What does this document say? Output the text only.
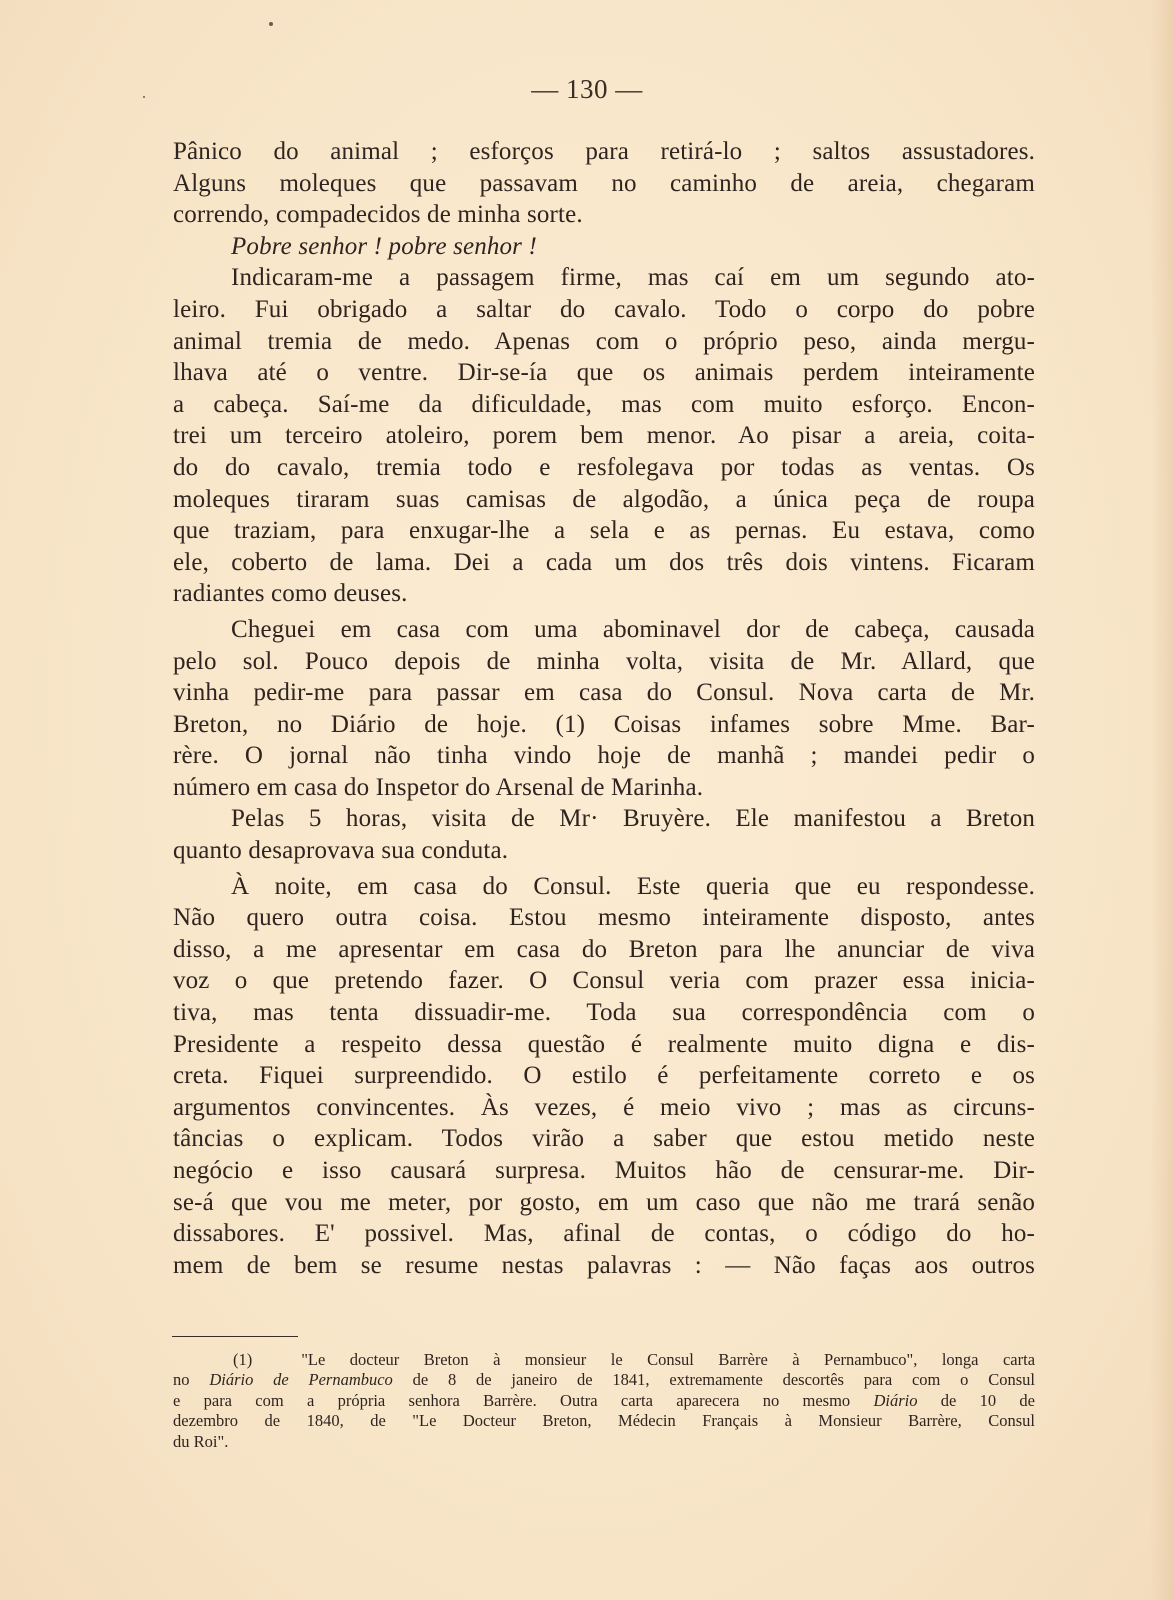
— 130 —
Pânico do animal ; esforços para retirá-lo ; saltos assustadores.
Alguns moleques que passavam no caminho de areia, chegaram
correndo, compadecidos de minha sorte.
Pobre senhor ! pobre senhor !
Indicaram-me a passagem firme, mas caí em um segundo ato-
leiro. Fui obrigado a saltar do cavalo. Todo o corpo do pobre
animal tremia de medo. Apenas com o próprio peso, ainda mergu-
lhava até o ventre. Dir-se-ía que os animais perdem inteiramente
a cabeça. Saí-me da dificuldade, mas com muito esforço. Encon-
trei um terceiro atoleiro, porem bem menor. Ao pisar a areia, coita-
do do cavalo, tremia todo e resfolegava por todas as ventas. Os
moleques tiraram suas camisas de algodão, a única peça de roupa
que traziam, para enxugar-lhe a sela e as pernas. Eu estava, como
ele, coberto de lama. Dei a cada um dos três dois vintens. Ficaram
radiantes como deuses.
Cheguei em casa com uma abominavel dor de cabeça, causada
pelo sol. Pouco depois de minha volta, visita de Mr. Allard, que
vinha pedir-me para passar em casa do Consul. Nova carta de Mr.
Breton, no Diário de hoje. (1) Coisas infames sobre Mme. Bar-
rère. O jornal não tinha vindo hoje de manhã ; mandei pedir o
número em casa do Inspetor do Arsenal de Marinha.
Pelas 5 horas, visita de Mr· Bruyère. Ele manifestou a Breton
quanto desaprovava sua conduta.
À noite, em casa do Consul. Este queria que eu respondesse.
Não quero outra coisa. Estou mesmo inteiramente disposto, antes
disso, a me apresentar em casa do Breton para lhe anunciar de viva
voz o que pretendo fazer. O Consul veria com prazer essa inicia-
tiva, mas tenta dissuadir-me. Toda sua correspondência com o
Presidente a respeito dessa questão é realmente muito digna e dis-
creta. Fiquei surpreendido. O estilo é perfeitamente correto e os
argumentos convincentes. Às vezes, é meio vivo ; mas as circuns-
tâncias o explicam. Todos virão a saber que estou metido neste
negócio e isso causará surpresa. Muitos hão de censurar-me. Dir-
se-á que vou me meter, por gosto, em um caso que não me trará senão
dissabores. E' possivel. Mas, afinal de contas, o código do ho-
mem de bem se resume nestas palavras : — Não faças aos outros
(1)	"Le docteur Breton à monsieur le Consul Barrère à Pernambuco", longa carta
no Diário de Pernambuco de 8 de janeiro de 1841, extremamente descortês para com o Consul
e para com a própria senhora Barrère. Outra carta aparecera no mesmo Diário de 10 de
dezembro de 1840, de "Le Docteur Breton, Médecin Français à Monsieur Barrère, Consul
du Roi".
